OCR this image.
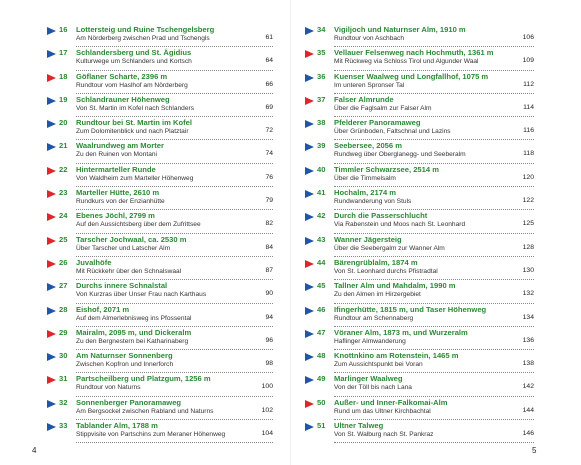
16 Lottersteig und Ruine Tschengelsberg
Am Nörderberg zwischen Prad und Tschengls	61
17 Schlandersberg und St. Ägidius
Kulturwege um Schlanders und Kortsch	64
18 Göflaner Scharte, 2396 m
Rundtour vom Haslhof am Nörderberg	66
19 Schlandrauner Höhenweg
Von St. Martin im Kofel nach Schlanders	69
20 Rundtour bei St. Martin im Kofel
Zum Dolomitenblick und nach Platztair	72
21 Waalrundweg am Morter
Zu den Ruinen von Montani	74
22 Hintermarteller Runde
Von Waldheim zum Marteller Höhenweg	76
23 Marteller Hütte, 2610 m
Rundkurs von der Enzianhütte	79
24 Ebenes Jöchl, 2799 m
Auf den Aussichtsberg über dem Zufrittsee	82
25 Tarscher Jochwaal, ca. 2530 m
Über Tarscher und Latscher Alm	84
26 Juvalhöfe
Mit Rückkehr über den Schnalswaal	87
27 Durchs innere Schnalstal
Von Kurzras über Unser Frau nach Karthaus	90
28 Eishof, 2071 m
Auf dem Almerlebnisweg ins Pfossental	94
29 Mairalm, 2095 m, und Dickeralm
Zu den Bergnestern bei Katharinaberg	96
30 Am Naturnser Sonnenberg
Zwischen Kopfron und Innerforch	98
31 Partscheilberg und Platzgum, 1256 m
Rundtour von Naturns	100
32 Sonnenberger Panoramaweg
Am Bergsockel zwischen Rabland und Naturns	102
33 Tablander Alm, 1788 m
Stippvisite von Partschins zum Meraner Höhenweg	104
4
34 Vigiljoch und Naturnser Alm, 1910 m
Rundtour von Aschbach	106
35 Vellauer Felsenweg nach Hochmuth, 1361 m
Mit Rückweg via Schloss Tirol und Algunder Waal	109
36 Kuenser Waalweg und Longfallhof, 1075 m
Im unteren Spronser Tal	112
37 Falser Almrunde
Über die Faglsalm zur Falser Alm	114
38 Pfelderer Panoramaweg
Über Grünboden, Faltschnal und Lazins	116
39 Seebersee, 2056 m
Rundweg über Oberglanegg- und Seeberalm	118
40 Timmler Schwarzsee, 2514 m
Über die Timmelsalm	120
41 Hochalm, 2174 m
Rundwanderung von Stuls	122
42 Durch die Passerschlucht
Via Rabenstein und Moos nach St. Leonhard	125
43 Wanner Jägersteig
Über die Seebergalm zur Wanner Alm	128
44 Bärengrüblalm, 1874 m
Von St. Leonhard durchs Pfistradtal	130
45 Tallner Alm und Mahdalm, 1990 m
Zu den Almen im Hirzergebiet	132
46 Ifingerhütte, 1815 m, und Taser Höhenweg
Rundtour am Schennaberg	134
47 Vöraner Alm, 1873 m, und Wurzeralm
Haflinger Almwanderung	136
48 Knottnkino am Rotenstein, 1465 m
Zum Aussichtspunkt bei Voran	138
49 Marlinger Waalweg
Von der Töll bis nach Lana	142
50 Außer- und Inner-Falkomai-Alm
Rund um das Ultner Kirchbachtal	144
51 Ultner Talweg
Von St. Walburg nach St. Pankraz	146
5
